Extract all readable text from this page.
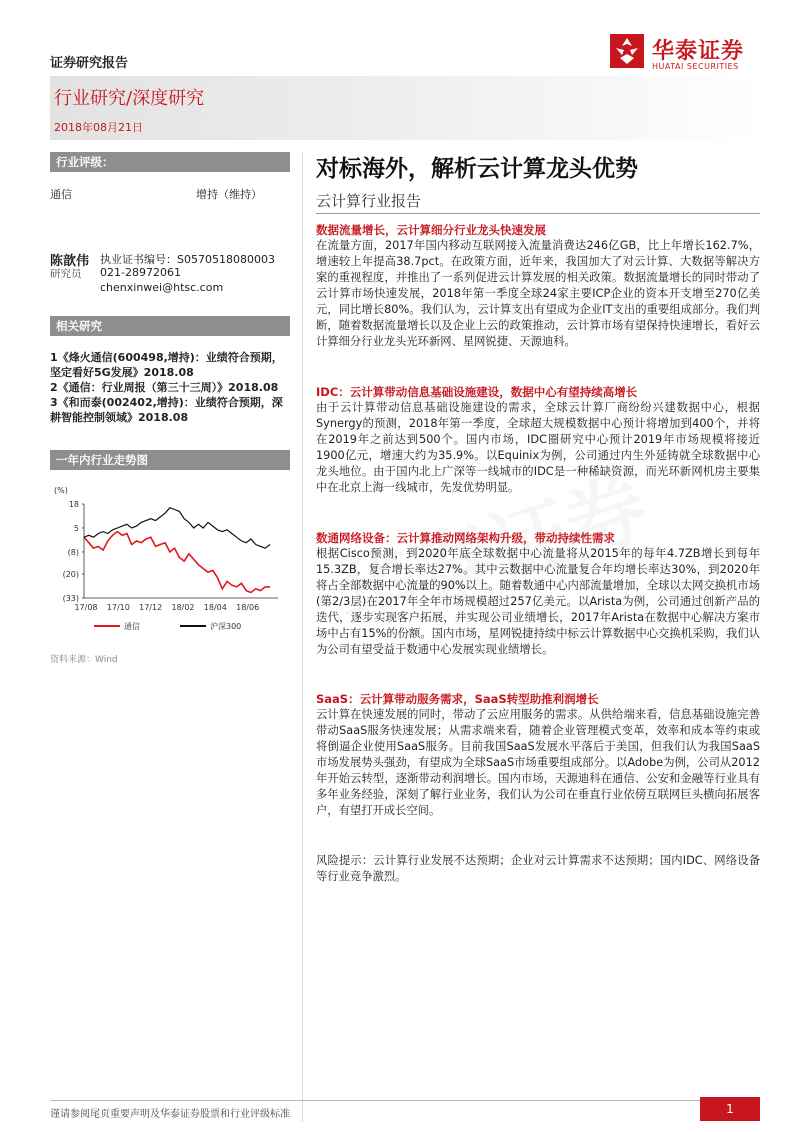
证券研究报告	华泰证券
HUATAI SECURITIES
行业研究/深度研究
2018年08月21日
行业评级：
通信	增持（维持）
陈歆伟
研究员
执业证书编号：S0570518080003
021-28972061
chenxinwei@htsc.com
相关研究
1《烽火通信(600498,增持)：业绩符合预期，坚定看好5G发展》2018.08
2《通信：行业周报（第三十三周）》2018.08
3《和而泰(002402,增持)：业绩符合预期，深耕智能控制领域》2018.08
一年内行业走势图
(%)
18
5
(8)
(20)
(33)
17/08 17/10 17/12 18/02 18/04 18/06
通信	沪深300
资料来源：Wind
对标海外，解析云计算龙头优势
云计算行业报告
数据流量增长，云计算细分行业龙头快速发展
在流量方面，2017年国内移动互联网接入流量消费达246亿GB，比上年增长162.7%，增速较上年提高38.7pct。在政策方面，近年来，我国加大了对云计算、大数据等解决方案的重视程度，并推出了一系列促进云计算发展的相关政策。数据流量增长的同时带动了云计算市场快速发展，2018年第一季度全球24家主要ICP企业的资本开支增至270亿美元，同比增长80%。我们认为，云计算支出有望成为企业IT支出的重要组成部分。我们判断，随着数据流量增长以及企业上云的政策推动，云计算市场有望保持快速增长，看好云计算细分行业龙头光环新网、星网锐捷、天源迪科。
IDC：云计算带动信息基础设施建设，数据中心有望持续高增长
由于云计算带动信息基础设施建设的需求，全球云计算厂商纷纷兴建数据中心，根据Synergy的预测，2018年第一季度，全球超大规模数据中心预计将增加到400个，并将在2019年之前达到500个。国内市场，IDC圈研究中心预计2019年市场规模将接近1900亿元，增速大约为35.9%。以Equinix为例，公司通过内生外延铸就全球数据中心龙头地位。由于国内北上广深等一线城市的IDC是一种稀缺资源，而光环新网机房主要集中在北京上海一线城市，先发优势明显。
数通网络设备：云计算推动网络架构升级，带动持续性需求
根据Cisco预测，到2020年底全球数据中心流量将从2015年的每年4.7ZB增长到每年15.3ZB，复合增长率达27%。其中云数据中心流量复合年均增长率达30%，到2020年将占全部数据中心流量的90%以上。随着数通中心内部流量增加，全球以太网交换机市场(第2/3层)在2017年全年市场规模超过257亿美元。以Arista为例，公司通过创新产品的迭代，逐步实现客户拓展，并实现公司业绩增长，2017年Arista在数据中心解决方案市场中占有15%的份额。国内市场，星网锐捷持续中标云计算数据中心交换机采购，我们认为公司有望受益于数通中心发展实现业绩增长。
SaaS：云计算带动服务需求，SaaS转型助推利润增长
云计算在快速发展的同时，带动了云应用服务的需求。从供给端来看，信息基础设施完善带动SaaS服务快速发展；从需求端来看，随着企业管理模式变革，效率和成本等约束或将倒逼企业使用SaaS服务。目前我国SaaS发展水平落后于美国，但我们认为我国SaaS市场发展势头强劲，有望成为全球SaaS市场重要组成部分。以Adobe为例，公司从2012年开始云转型，逐渐带动利润增长。国内市场，天源迪科在通信、公安和金融等行业具有多年业务经验，深刻了解行业业务，我们认为公司在垂直行业依傍互联网巨头横向拓展客户，有望打开成长空间。
风险提示：云计算行业发展不达预期；企业对云计算需求不达预期；国内IDC、网络设备等行业竞争激烈。
谨请参阅尾页重要声明及华泰证券股票和行业评级标准	1
